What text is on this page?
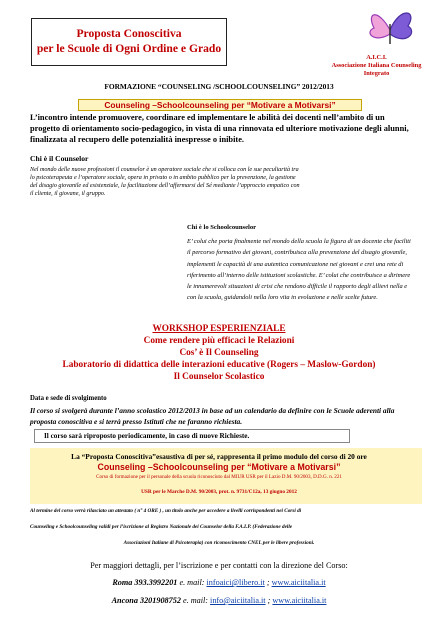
Proposta Conoscitiva
per le Scuole di Ogni Ordine e Grado
A.I.C.I.
Associazione Italiana Counseling Integrato
FORMAZIONE “COUNSELING /SCHOOLCOUNSELING” 2012/2013
Counseling –Schoolcounseling per “Motivare a Motivarsi”
L’incontro intende promuovere, coordinare ed implementare le abilità dei docenti nell’ambito di un progetto di orientamento socio-pedagogico, in vista di una rinnovata ed ulteriore motivazione degli alunni, finalizzata al recupero delle potenzialità inespresse o inibite.
Chi è il Counselor
Nel mondo delle nuove professioni il counselor è un operatore sociale che si colloca con le sue peculiarità tra lo psicoterapeuta e l’operatore sociale, opera in privato o in ambito pubblico per la prevenzione, la gestione del disagio giovanile ed esistenziale, la facilitazione dell’affermarsi del Sé mediante l’approccio empatico con il cliente, il giovane, il gruppo.
Chi è lo Schoolcounselor
E’ colui che porta finalmente nel mondo della scuola la figura di un docente che faciliti il percorso formativo dei giovani, contribuisca alla prevenzione del disagio giovanile, implementi le capacità di una autentica comunicazione nei giovani e crei una rete di riferimento all’interno delle istituzioni scolastiche. E’ colui che contribuisce a dirimere le innumerevoli situazioni di crisi che rendono difficile il rapporto degli allievi nella e con la scuola, guidandoli nella loro vita in evoluzione e nelle scelte future.
WORKSHOP ESPERIENZIALE
Come rendere più efficaci le Relazioni
Cos’ è Il Counseling
Laboratorio di didattica delle interazioni educative (Rogers – Maslow-Gordon)
Il Counselor Scolastico
Data e sede di svolgimento
Il corso si svolgerà durante l’anno scolastico 2012/2013 in base ad un calendario da definire con le Scuole aderenti alla proposta conoscitiva e si terrà presso Istituti che ne faranno richiesta.
Il corso sarà riproposto periodicamente, in caso di nuove Richieste.
La “Proposta Conoscitiva”esaustiva di per sé, rappresenta il primo modulo del corso di 20 ore
Counseling –Schoolcounseling per “Motivare a Motivarsi”
Corso di formazione per il personale della scuola riconosciuto dal MIUR USR per il Lazio D.M. 90/2003, D.D.G. n. 221
USR per le Marche D.M. 90/2003, prot. n. 9731/C12a, 13 giugno 2012
Al termine del corso verrà rilasciato un attestato ( n° 4 ORE ) , un titolo anche per accedere a livelli corrispondenti nei Corsi di
Counseling e Schoolcounseling validi per l’iscrizione al Registro Nazionale dei Counselor della F.A.I.P. (Federazione delle
Associazioni Italiane di Psicoterapia) con riconoscimento CNEL per le libere professioni.
Per maggiori dettagli, per l’iscrizione e per contatti con la direzione del Corso:
Roma 393.3992201 e. mail: infoaici@libero.it ; www.aiciitalia.it
Ancona 3201908752 e. mail: info@aiciitalia.it ; www.aiciitalia.it
